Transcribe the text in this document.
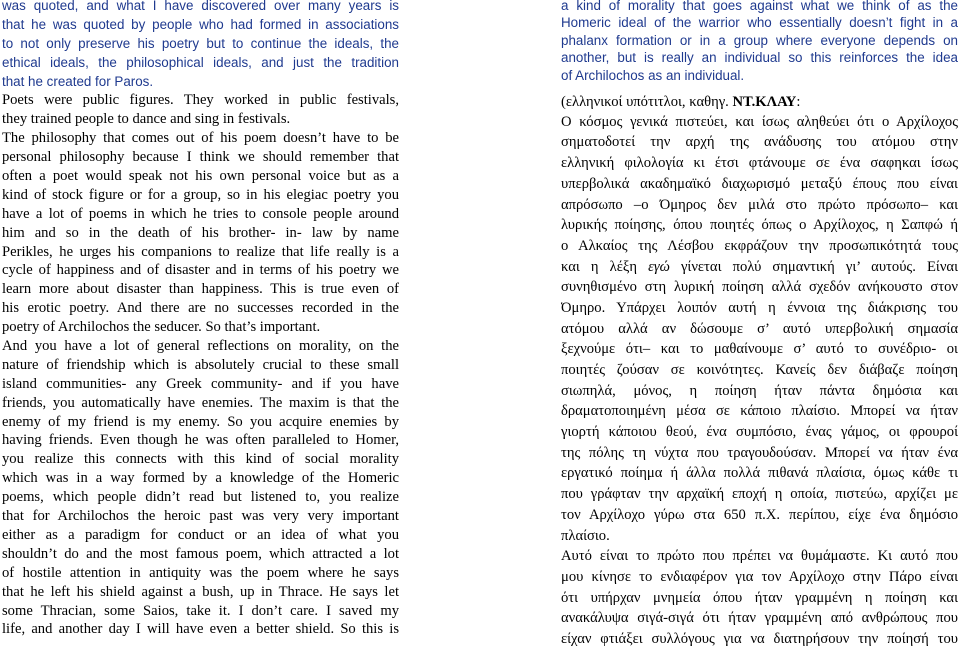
was quoted, and what I have discovered over many years is
that he was quoted by people who had formed in associations
to not only preserve his poetry but to continue the ideals, the
ethical ideals, the philosophical ideals, and just the tradition
that he created for Paros.
Poets were public figures. They worked in public festivals,
they trained people to dance and sing in festivals.
The philosophy that comes out of his poem doesn’t have to be
personal philosophy because I think we should remember that
often a poet would speak not his own personal voice but as a
kind of stock figure or for a group, so in his elegiac poetry you
have a lot of poems in which he tries to console people around
him and so in the death of his brother- in- law by name
Perikles, he urges his companions to realize that life really is a
cycle of happiness and of disaster and in terms of his poetry we
learn more about disaster than happiness. This is true even of
his erotic poetry. And there are no successes recorded in the
poetry of Archilochos the seducer. So that’s important.
And you have a lot of general reflections on morality, on the
nature of friendship which is absolutely crucial to these small
island communities- any Greek community- and if you have
friends, you automatically have enemies. The maxim is that the
enemy of my friend is my enemy. So you acquire enemies by
having friends. Even though he was often paralleled to Homer,
you realize this connects with this kind of social morality
which was in a way formed by a knowledge of the Homeric
poems, which people didn’t read but listened to, you realize
that for Archilochos the heroic past was very very important
either as a paradigm for conduct or an idea of what you
shouldn’t do and the most famous poem, which attracted a lot
of hostile attention in antiquity was the poem where he says
that he left his shield against a bush, up in Thrace. He says let
some Thracian, some Saios, take it. I don’t care. I saved my
life, and another day I will have even a better shield. So this is
a kind of morality that goes against what we think of as the
Homeric ideal of the warrior who essentially doesn’t fight in a
phalanx formation or in a group where everyone depends on
another, but is really an individual so this reinforces the idea
of Archilochos as an individual.
(ελληνικοί υπότιτλοι, καθηγ. ΝΤ.ΚΛΑΥ:
Ο κόσμος γενικά πιστεύει, και ίσως αληθεύει ότι ο Αρχίλοχος
σηματοδοτεί την αρχή της ανάδυσης του ατόμου στην
ελληνική φιλολογία κι έτσι φτάνουμε σε ένα σαφηκαι ίσως
υπερβολικά ακαδημαϊκό διαχωρισμό μεταξύ έπους που είναι
απρόσωπο –ο Όμηρος δεν μιλά στο πρώτο πρόσωπο– και
λυρικής ποίησης, όπου ποιητές όπως ο Αρχίλοχος, η Σαπφώ ή
ο Αλκαίος της Λέσβου εκφράζουν την προσωπικότητά τους
και η λέξη εγώ γίνεται πολύ σημαντική γι’ αυτούς. Είναι
συνηθισμένο στη λυρική ποίηση αλλά σχεδόν ανήκουστο στον
Όμηρο. Υπάρχει λοιπόν αυτή η έννοια της διάκρισης του
ατόμου αλλά αν δώσουμε σ’ αυτό υπερβολική σημασία
ξεχνούμε ότι– και το μαθαίνουμε σ’ αυτό το συνέδριο- οι
ποιητές ζούσαν σε κοινότητες. Κανείς δεν διάβαζε ποίηση
σιωπηλά, μόνος, η ποίηση ήταν πάντα δημόσια και
δραματοποιημένη μέσα σε κάποιο πλαίσιο. Μπορεί να ήταν
γιορτή κάποιου θεού, ένα συμπόσιο, ένας γάμος, οι φρουροί
της πόλης τη νύχτα που τραγουδούσαν. Μπορεί να ήταν ένα
εργατικό ποίημα ή άλλα πολλά πιθανά πλαίσια, όμως κάθε τι
που γράφταν την αρχαϊκή εποχή η οποία, πιστεύω, αρχίζει με
τον Αρχίλοχο γύρω στα 650 π.Χ. περίπου, είχε ένα δημόσιο
πλαίσιο.
Αυτό είναι το πρώτο που πρέπει να θυμάμαστε. Κι αυτό που
μου κίνησε το ενδιαφέρον για τον Αρχίλοχο στην Πάρο είναι
ότι υπήρχαν μνημεία όπου ήταν γραμμένη η ποίηση και
ανακάλυψα σιγά-σιγά ότι ήταν γραμμένη από ανθρώπους που
είχαν φτιάξει συλλόγους για να διατηρήσουν την ποίησή του
